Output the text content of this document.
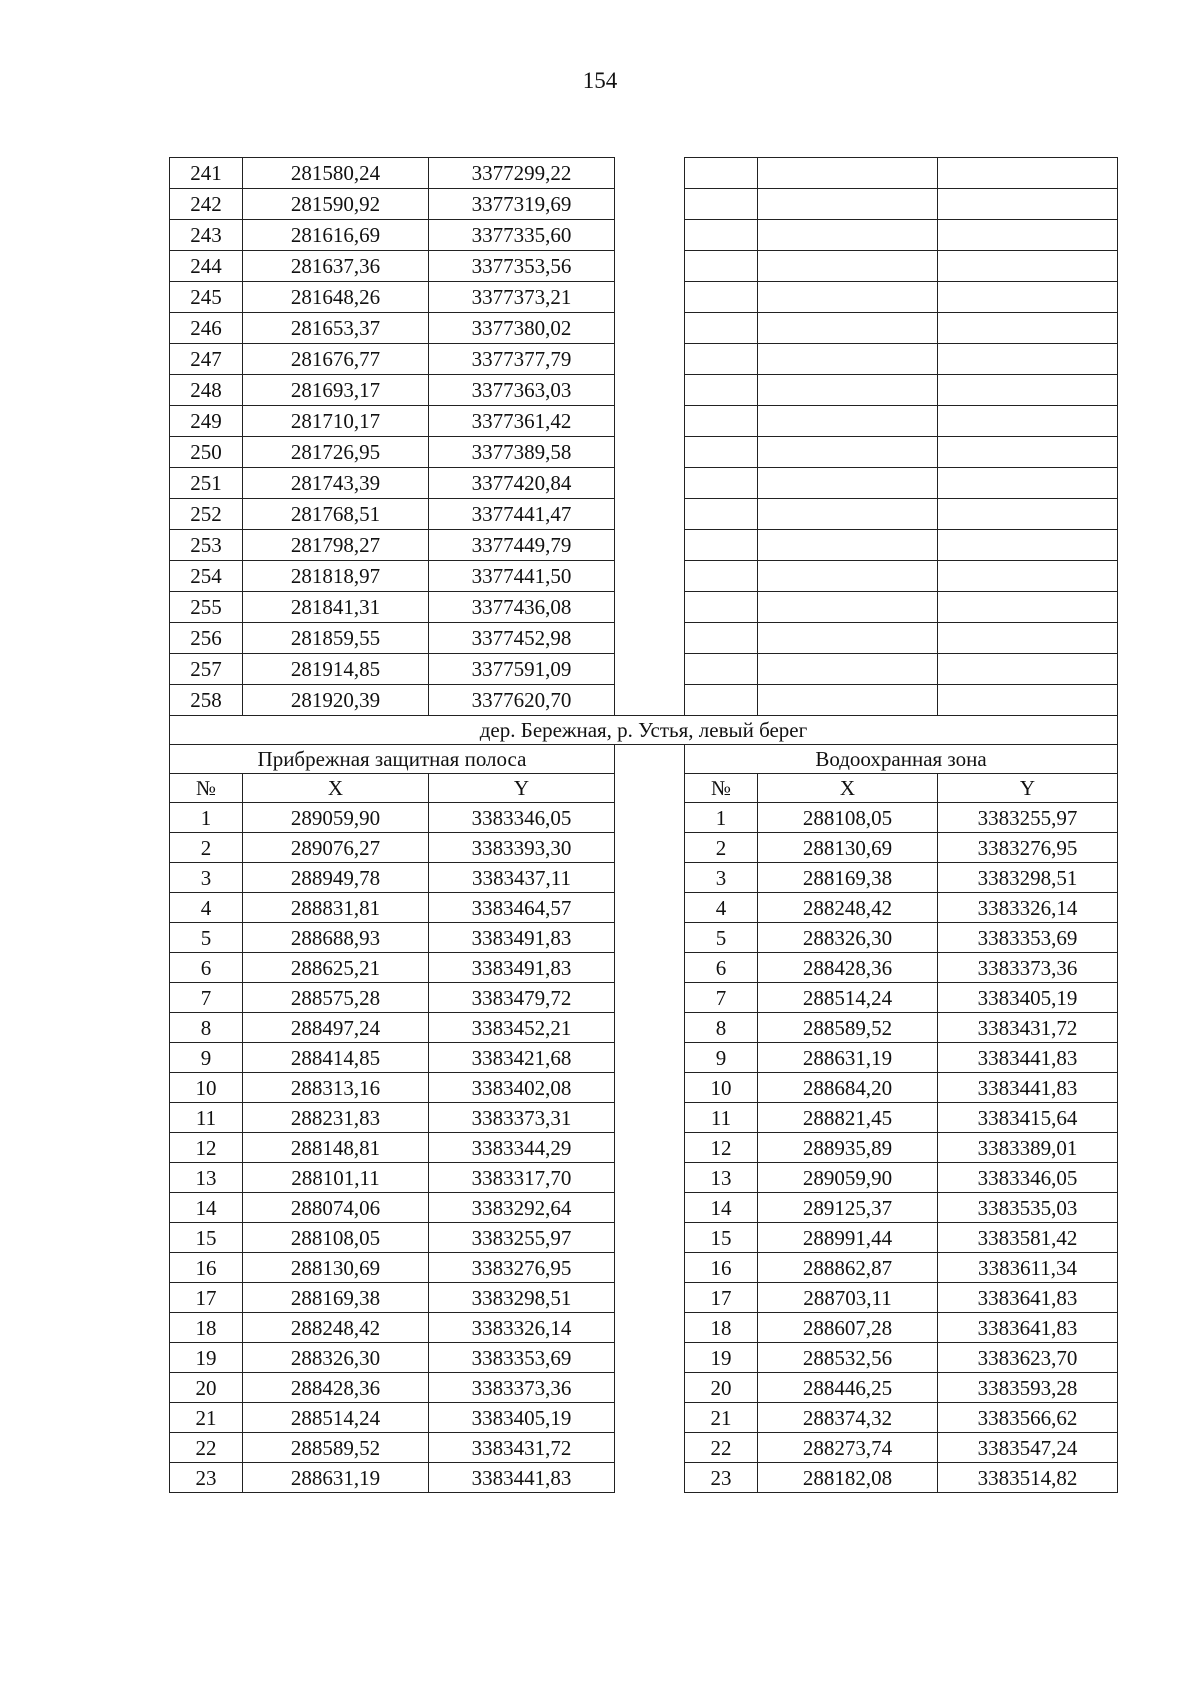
154
241	281580,24	3377299,22				
242	281590,92	3377319,69				
243	281616,69	3377335,60				
244	281637,36	3377353,56				
245	281648,26	3377373,21				
246	281653,37	3377380,02				
247	281676,77	3377377,79				
248	281693,17	3377363,03				
249	281710,17	3377361,42				
250	281726,95	3377389,58				
251	281743,39	3377420,84				
252	281768,51	3377441,47				
253	281798,27	3377449,79				
254	281818,97	3377441,50				
255	281841,31	3377436,08				
256	281859,55	3377452,98				
257	281914,85	3377591,09				
258	281920,39	3377620,70				
дер. Бережная, р. Устья, левый берег						
Прибрежная защитная полоса				Водоохранная зона		
№	X	Y		№	X	Y
1	289059,90	3383346,05		1	288108,05	3383255,97
2	289076,27	3383393,30		2	288130,69	3383276,95
3	288949,78	3383437,11		3	288169,38	3383298,51
4	288831,81	3383464,57		4	288248,42	3383326,14
5	288688,93	3383491,83		5	288326,30	3383353,69
6	288625,21	3383491,83		6	288428,36	3383373,36
7	288575,28	3383479,72		7	288514,24	3383405,19
8	288497,24	3383452,21		8	288589,52	3383431,72
9	288414,85	3383421,68		9	288631,19	3383441,83
10	288313,16	3383402,08		10	288684,20	3383441,83
11	288231,83	3383373,31		11	288821,45	3383415,64
12	288148,81	3383344,29		12	288935,89	3383389,01
13	288101,11	3383317,70		13	289059,90	3383346,05
14	288074,06	3383292,64		14	289125,37	3383535,03
15	288108,05	3383255,97		15	288991,44	3383581,42
16	288130,69	3383276,95		16	288862,87	3383611,34
17	288169,38	3383298,51		17	288703,11	3383641,83
18	288248,42	3383326,14		18	288607,28	3383641,83
19	288326,30	3383353,69		19	288532,56	3383623,70
20	288428,36	3383373,36		20	288446,25	3383593,28
21	288514,24	3383405,19		21	288374,32	3383566,62
22	288589,52	3383431,72		22	288273,74	3383547,24
23	288631,19	3383441,83		23	288182,08	3383514,82
